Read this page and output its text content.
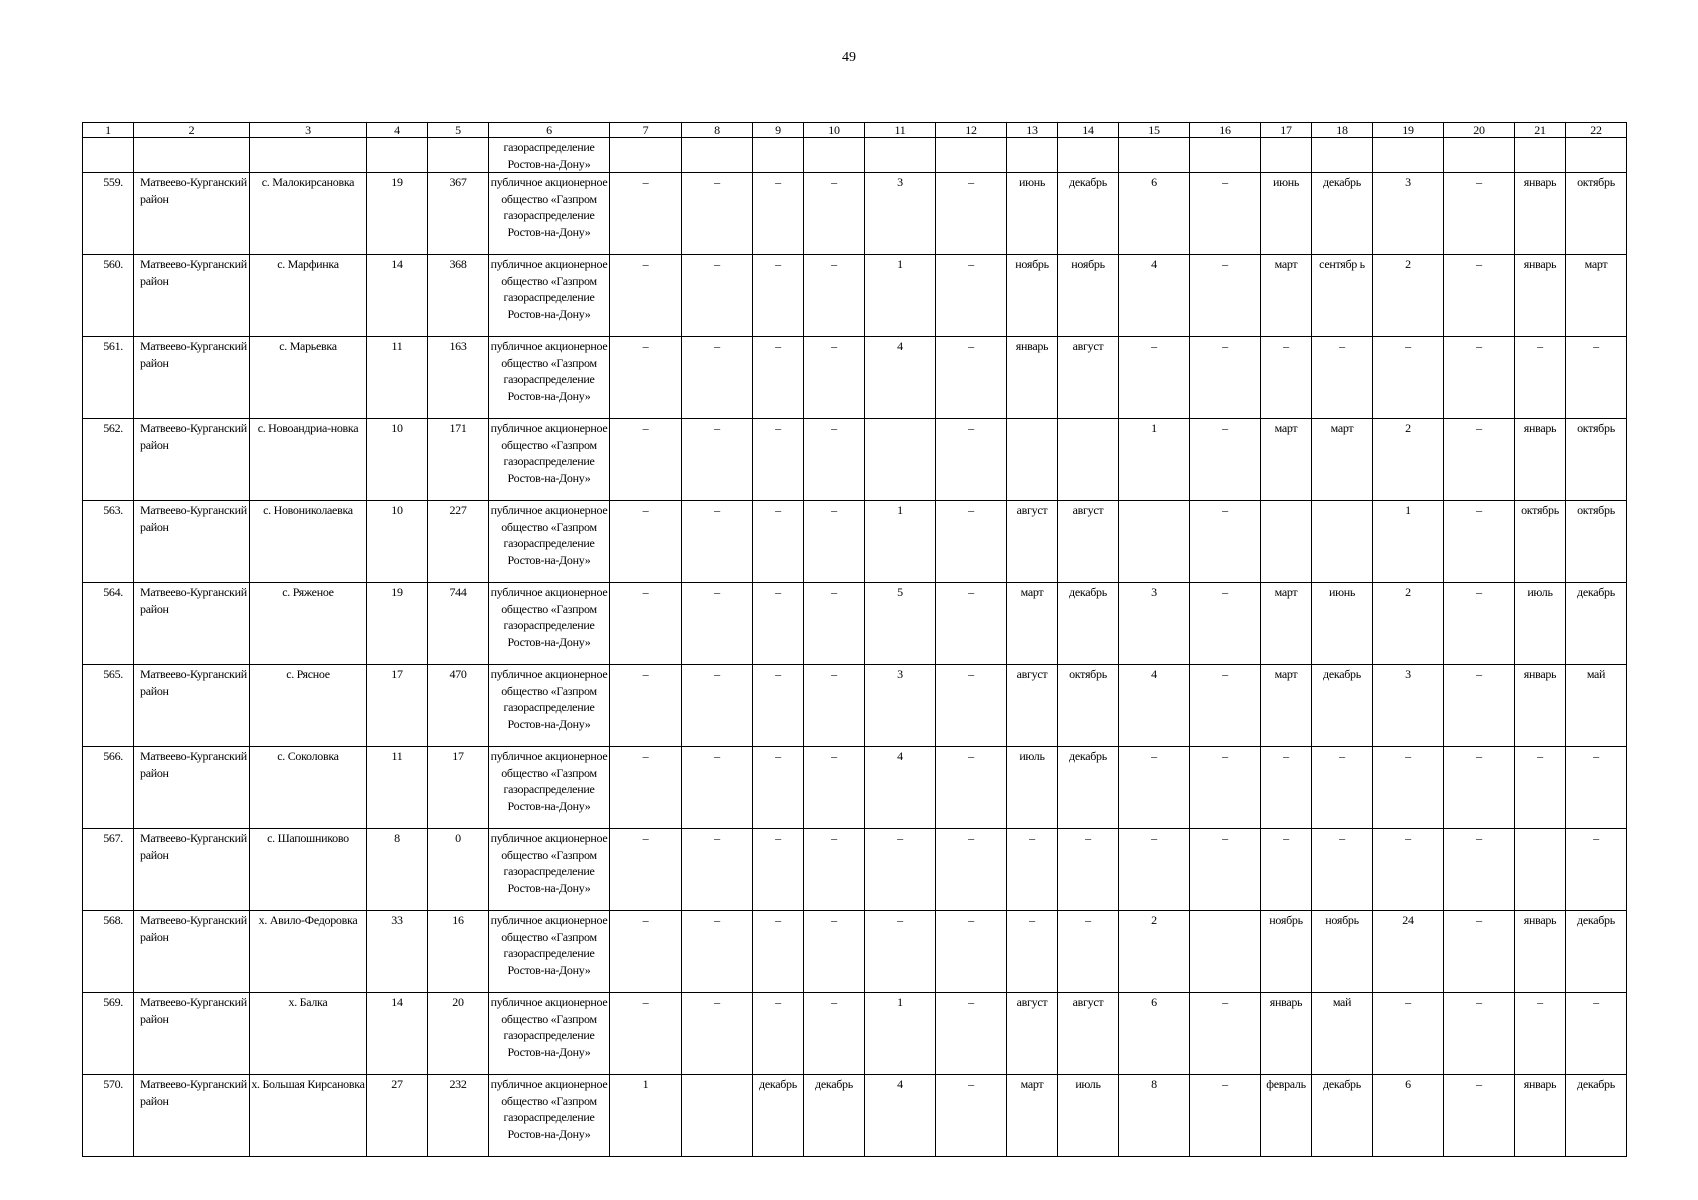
49
1	2	3	4	5	6	7	8	9	10	11	12	13	14	15	16	17	18	19	20	21	22
					газораспределение Ростов-на-Дону»																
559.	Матвеево-Курганский район	с. Малокирсановка	19	367	публичное акционерное общество «Газпром газораспределение Ростов-на-Дону»	–	–	–	–	3	–	июнь	декабрь	6	–	июнь	декабрь	3	–	январь	октябрь
560.	Матвеево-Курганский район	с. Марфинка	14	368	публичное акционерное общество «Газпром газораспределение Ростов-на-Дону»	–	–	–	–	1	–	ноябрь	ноябрь	4	–	март	сентябр ь	2	–	январь	март
561.	Матвеево-Курганский район	с. Марьевка	11	163	публичное акционерное общество «Газпром газораспределение Ростов-на-Дону»	–	–	–	–	4	–	январь	август	–	–	–	–	–	–	–	–
562.	Матвеево-Курганский район	с. Новоандриа-новка	10	171	публичное акционерное общество «Газпром газораспределение Ростов-на-Дону»	–	–	–	–		–			1	–	март	март	2	–	январь	октябрь
563.	Матвеево-Курганский район	с. Новониколаевка	10	227	публичное акционерное общество «Газпром газораспределение Ростов-на-Дону»	–	–	–	–	1	–	август	август		–			1	–	октябрь	октябрь
564.	Матвеево-Курганский район	с. Ряженое	19	744	публичное акционерное общество «Газпром газораспределение Ростов-на-Дону»	–	–	–	–	5	–	март	декабрь	3	–	март	июнь	2	–	июль	декабрь
565.	Матвеево-Курганский район	с. Рясное	17	470	публичное акционерное общество «Газпром газораспределение Ростов-на-Дону»	–	–	–	–	3	–	август	октябрь	4	–	март	декабрь	3	–	январь	май
566.	Матвеево-Курганский район	с. Соколовка	11	17	публичное акционерное общество «Газпром газораспределение Ростов-на-Дону»	–	–	–	–	4	–	июль	декабрь	–	–	–	–	–	–	–	–
567.	Матвеево-Курганский район	с. Шапошниково	8	0	публичное акционерное общество «Газпром газораспределение Ростов-на-Дону»	–	–	–	–	–	–	–	–	–	–	–	–	–	–		–
568.	Матвеево-Курганский район	х. Авило-Федоровка	33	16	публичное акционерное общество «Газпром газораспределение Ростов-на-Дону»	–	–	–	–	–	–	–	–	2		ноябрь	ноябрь	24	–	январь	декабрь
569.	Матвеево-Курганский район	х. Балка	14	20	публичное акционерное общество «Газпром газораспределение Ростов-на-Дону»	–	–	–	–	1	–	август	август	6	–	январь	май	–	–	–	–
570.	Матвеево-Курганский район	х. Большая Кирсановка	27	232	публичное акционерное общество «Газпром газораспределение Ростов-на-Дону»	1		декабрь	декабрь	4	–	март	июль	8	–	февраль	декабрь	6	–	январь	декабрь
